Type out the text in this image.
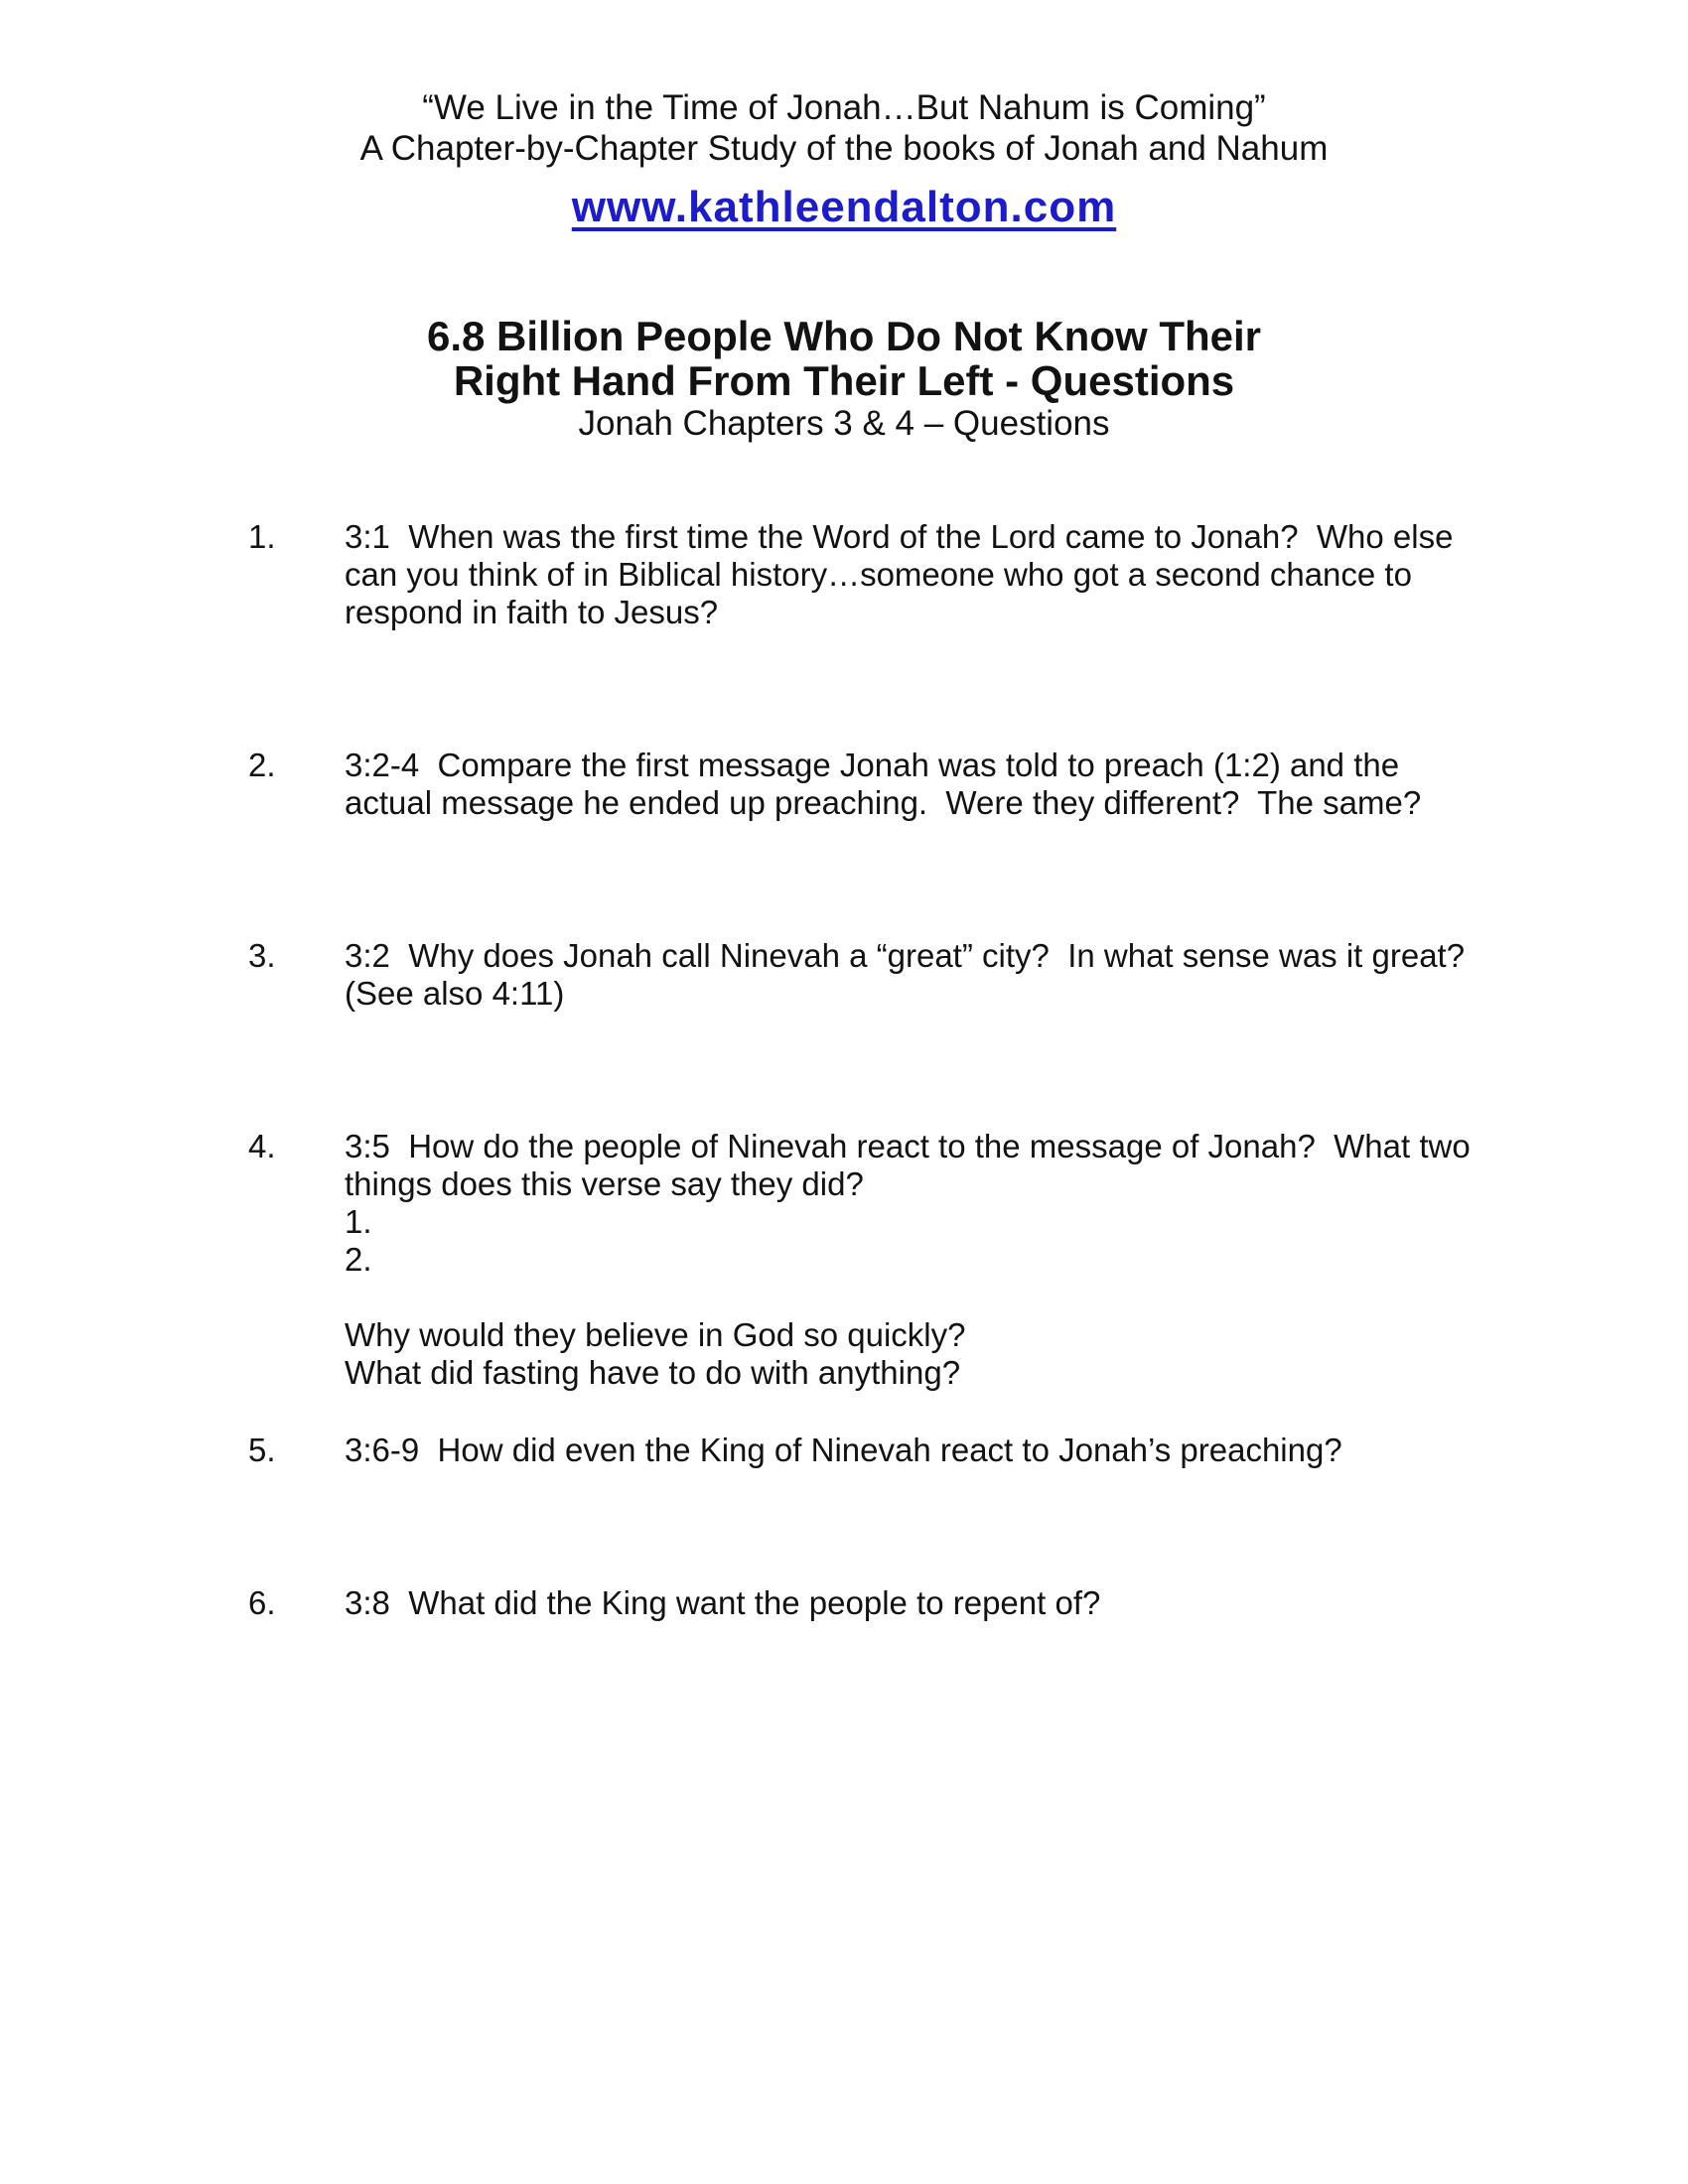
“We Live in the Time of Jonah…But Nahum is Coming”
A Chapter-by-Chapter Study of the books of Jonah and Nahum
www.kathleendalton.com
6.8 Billion People Who Do Not Know Their
Right Hand From Their Left - Questions
Jonah Chapters 3 & 4 – Questions
1.	3:1  When was the first time the Word of the Lord came to Jonah?  Who else
can you think of in Biblical history…someone who got a second chance to
respond in faith to Jesus?
2.	3:2-4  Compare the first message Jonah was told to preach (1:2) and the
actual message he ended up preaching.  Were they different?  The same?
3.	3:2  Why does Jonah call Ninevah a “great” city?  In what sense was it great?
(See also 4:11)
4.	3:5  How do the people of Ninevah react to the message of Jonah?  What two
things does this verse say they did?
1.
2.
Why would they believe in God so quickly?
What did fasting have to do with anything?
5.	3:6-9  How did even the King of Ninevah react to Jonah’s preaching?
6.	3:8  What did the King want the people to repent of?
